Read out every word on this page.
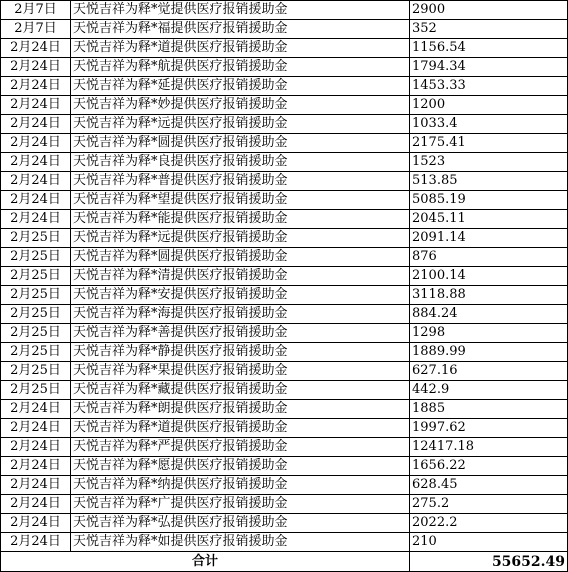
2月7日	天悦吉祥为释*觉提供医疗报销援助金	2900
2月7日	天悦吉祥为释*福提供医疗报销援助金	352
2月24日	天悦吉祥为释*道提供医疗报销援助金	1156.54
2月24日	天悦吉祥为释*航提供医疗报销援助金	1794.34
2月24日	天悦吉祥为释*延提供医疗报销援助金	1453.33
2月24日	天悦吉祥为释*妙提供医疗报销援助金	1200
2月24日	天悦吉祥为释*远提供医疗报销援助金	1033.4
2月24日	天悦吉祥为释*圆提供医疗报销援助金	2175.41
2月24日	天悦吉祥为释*良提供医疗报销援助金	1523
2月24日	天悦吉祥为释*普提供医疗报销援助金	513.85
2月24日	天悦吉祥为释*望提供医疗报销援助金	5085.19
2月24日	天悦吉祥为释*能提供医疗报销援助金	2045.11
2月25日	天悦吉祥为释*远提供医疗报销援助金	2091.14
2月25日	天悦吉祥为释*圆提供医疗报销援助金	876
2月25日	天悦吉祥为释*清提供医疗报销援助金	2100.14
2月25日	天悦吉祥为释*安提供医疗报销援助金	3118.88
2月25日	天悦吉祥为释*海提供医疗报销援助金	884.24
2月25日	天悦吉祥为释*善提供医疗报销援助金	1298
2月25日	天悦吉祥为释*静提供医疗报销援助金	1889.99
2月25日	天悦吉祥为释*果提供医疗报销援助金	627.16
2月25日	天悦吉祥为释*藏提供医疗报销援助金	442.9
2月24日	天悦吉祥为释*朗提供医疗报销援助金	1885
2月24日	天悦吉祥为释*道提供医疗报销援助金	1997.62
2月24日	天悦吉祥为释*严提供医疗报销援助金	12417.18
2月24日	天悦吉祥为释*愿提供医疗报销援助金	1656.22
2月24日	天悦吉祥为释*纳提供医疗报销援助金	628.45
2月24日	天悦吉祥为释*广提供医疗报销援助金	275.2
2月24日	天悦吉祥为释*弘提供医疗报销援助金	2022.2
2月24日	天悦吉祥为释*如提供医疗报销援助金	210
合计		55652.49
